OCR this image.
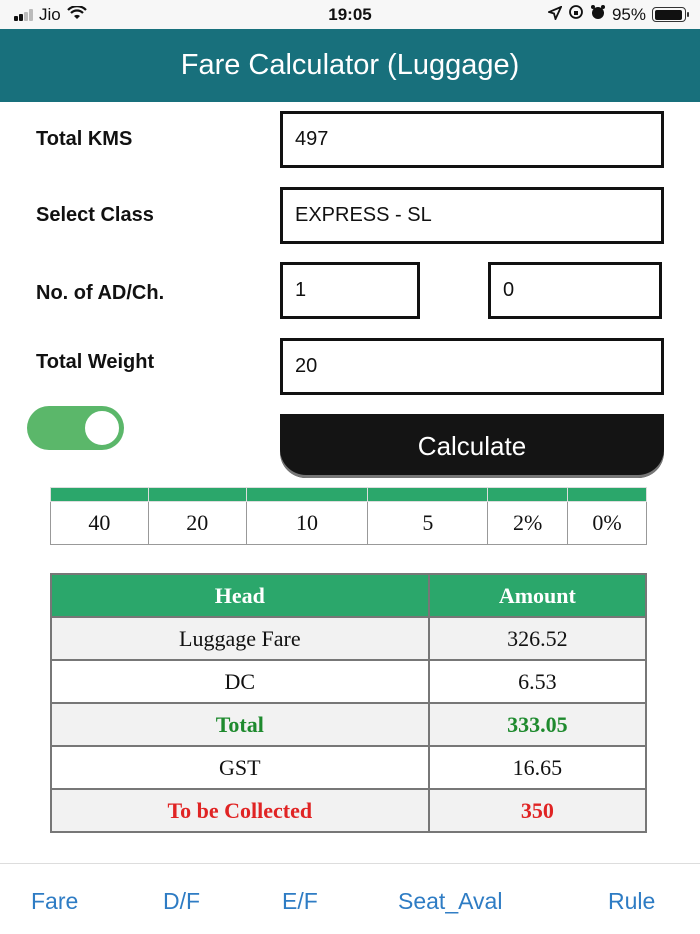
Jio	19:05	95%
Fare Calculator (Luggage)
Total KMS	497
Select Class	EXPRESS - SL
No. of AD/Ch.	1	0
Total Weight	20
Calculate

40	20	10	5	2%	0%
Head	Amount
Luggage Fare	326.52
DC	6.53
Total	333.05
GST	16.65
To be Collected	350
Fare	D/F	E/F	Seat_Aval	Rule
